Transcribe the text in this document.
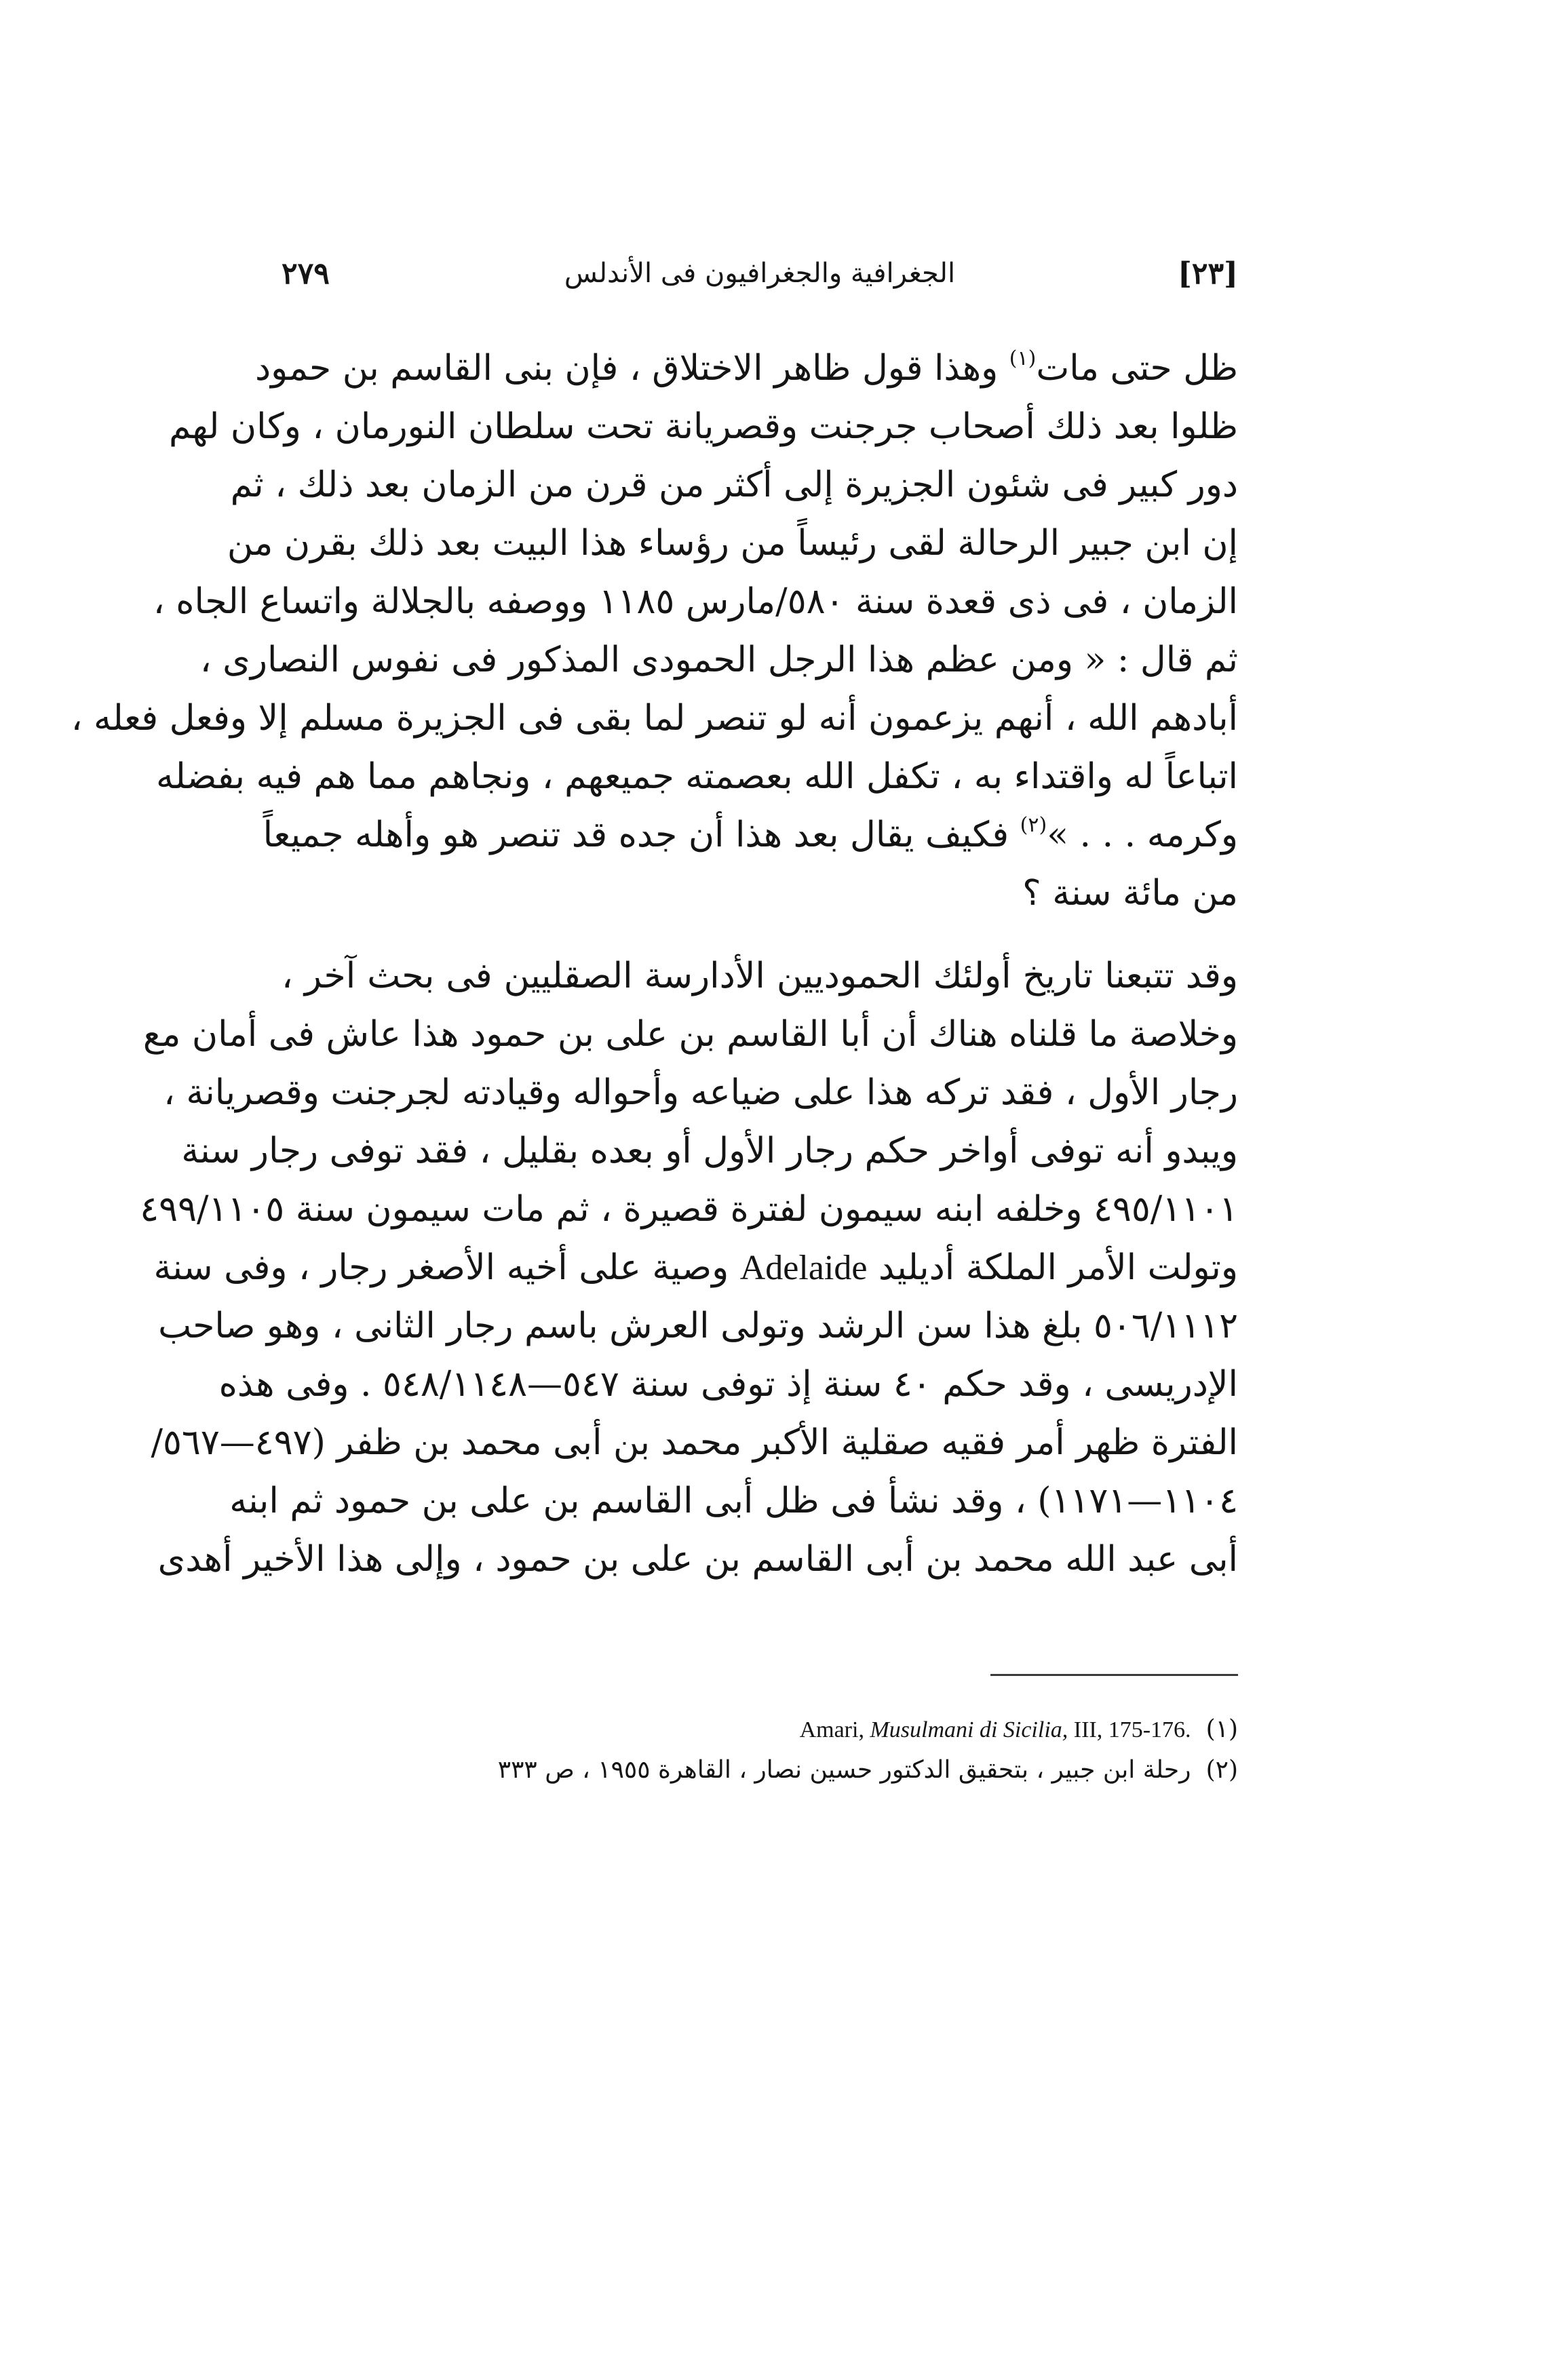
[٢٣]
الجغرافية والجغرافيون فى الأندلس
٢٧٩
ظل حتى مات$^{(١)}$ وهذا قول ظاهر الاختلاق ، فإن بنى القاسم بن حمود
ظلوا بعد ذلك أصحاب جرجنت وقصريانة تحت سلطان النورمان ، وكان لهم
دور كبير فى شئون الجزيرة إلى أكثر من قرن من الزمان بعد ذلك ، ثم
إن ابن جبير الرحالة لقى رئيساً من رؤساء هذا البيت بعد ذلك بقرن من
الزمان ، فى ذى قعدة سنة ٥٨٠/مارس ١١٨٥ ووصفه بالجلالة واتساع الجاه ،
ثم قال : « ومن عظم هذا الرجل الحمودى المذكور فى نفوس النصارى ،
أبادهم الله ، أنهم يزعمون أنه لو تنصر لما بقى فى الجزيرة مسلم إلا وفعل فعله ،
اتباعاً له واقتداء به ، تكفل الله بعصمته جميعهم ، ونجاهم مما هم فيه بفضله
وكرمه . . . »$^{(٢)}$ فكيف يقال بعد هذا أن جده قد تنصر هو وأهله جميعاً
من مائة سنة ؟
وقد تتبعنا تاريخ أولئك الحموديين الأدارسة الصقليين فى بحث آخر ،
وخلاصة ما قلناه هناك أن أبا القاسم بن على بن حمود هذا عاش فى أمان مع
رجار الأول ، فقد تركه هذا على ضياعه وأحواله وقيادته لجرجنت وقصريانة ،
ويبدو أنه توفى أواخر حكم رجار الأول أو بعده بقليل ، فقد توفى رجار سنة
٤٩٥/١١٠١ وخلفه ابنه سيمون لفترة قصيرة ، ثم مات سيمون سنة ٤٩٩/١١٠٥
وتولت الأمر الملكة أديليد Adelaide وصية على أخيه الأصغر رجار ، وفى سنة
٥٠٦/١١١٢ بلغ هذا سن الرشد وتولى العرش باسم رجار الثانى ، وهو صاحب
الإدريسى ، وقد حكم ٤٠ سنة إذ توفى سنة ٥٤٧—٥٤٨/١١٤٨ . وفى هذه
الفترة ظهر أمر فقيه صقلية الأكبر محمد بن أبى محمد بن ظفر (٤٩٧—٥٦٧/
١١٠٤—١١٧١) ، وقد نشأ فى ظل أبى القاسم بن على بن حمود ثم ابنه
أبى عبد الله محمد بن أبى القاسم بن على بن حمود ، وإلى هذا الأخير أهدى
(١)Amari, Musulmani di Sicilia, III, 175-176.
(٢)رحلة ابن جبير ، بتحقيق الدكتور حسين نصار ، القاهرة ١٩٥٥ ، ص ٣٣٣
